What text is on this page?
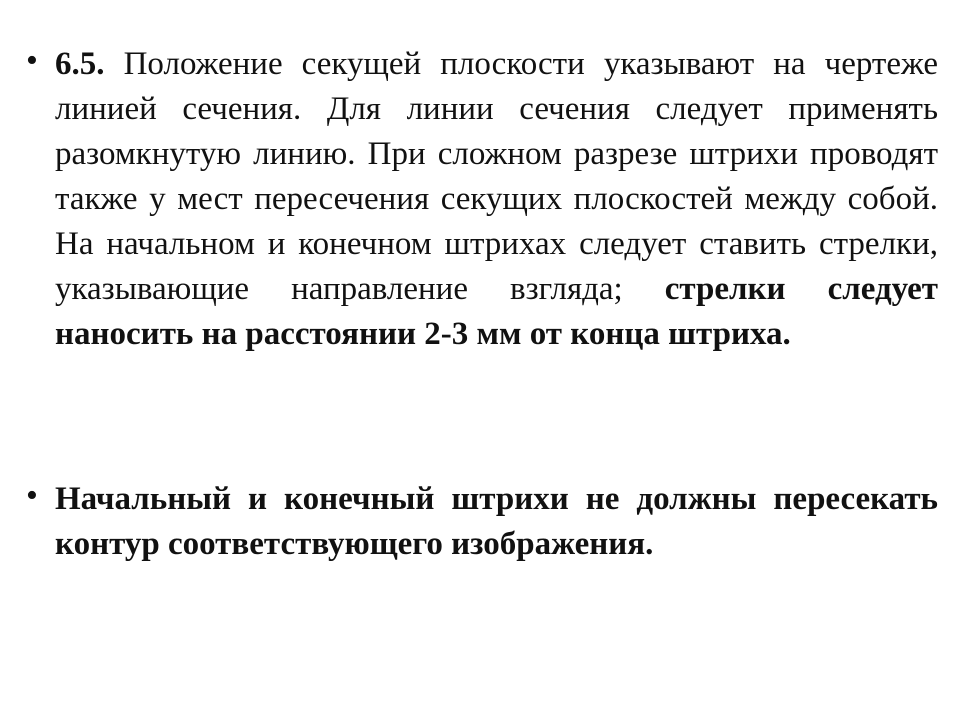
• 6.5. Положение секущей плоскости указывают на чертеже линией сечения. Для линии сечения следует применять разомкнутую линию. При сложном разрезе штрихи проводят также у мест пересечения секущих плоскостей между собой. На начальном и конечном штрихах следует ставить стрелки, указывающие направление взгляда; стрелки следует наносить на расстоянии 2-3 мм от конца штриха.

• Начальный и конечный штрихи не должны пересекать контур соответствующего изображения.
